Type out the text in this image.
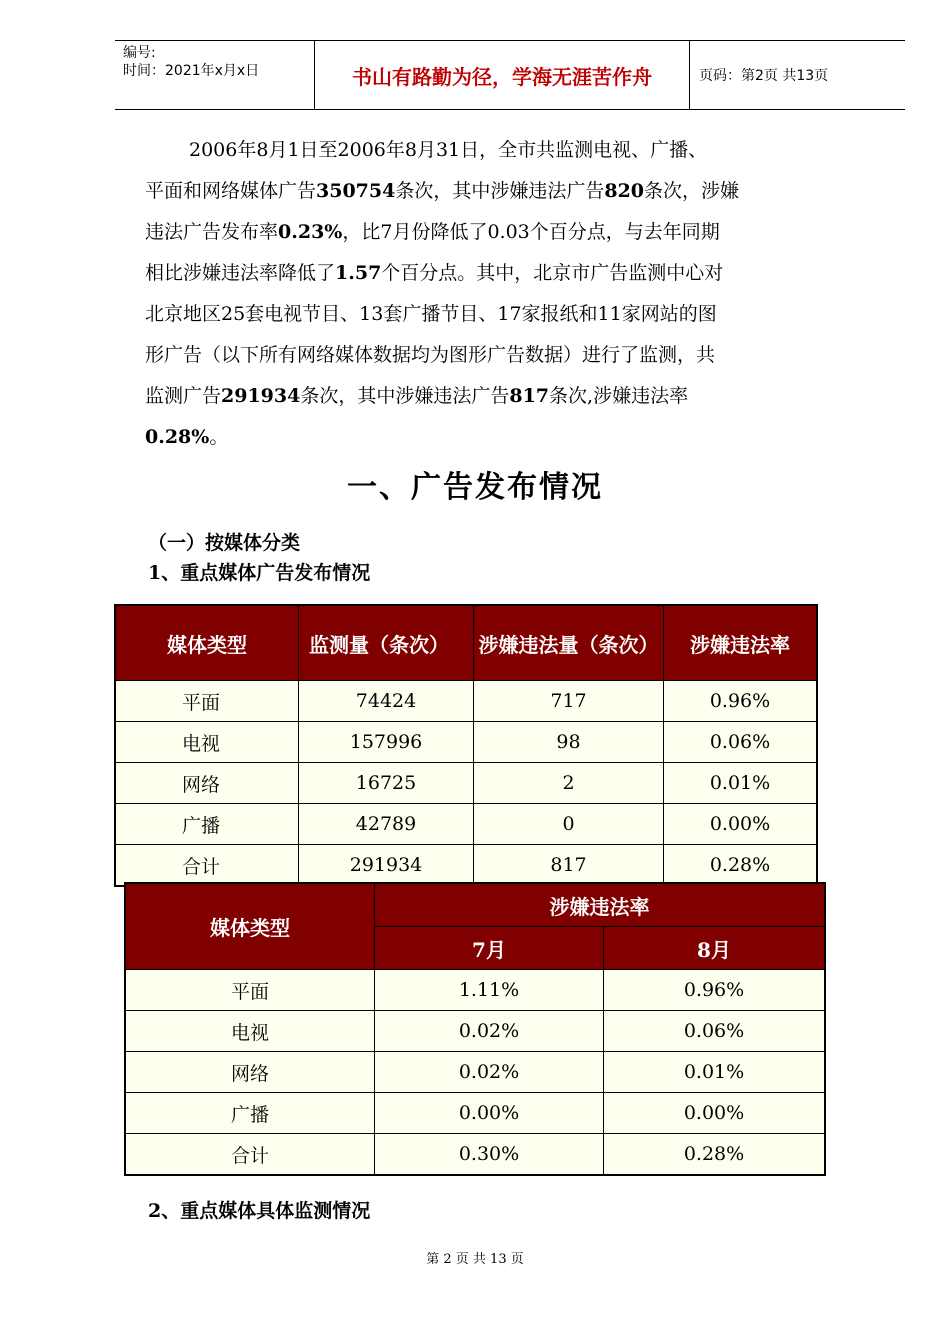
编号:
时间：2021年x月x日	书山有路勤为径，学海无涯苦作舟	页码：第2页 共13页

2006年8月1日至2006年8月31日，全市共监测电视、广播、

平面和网络媒体广告350754条次，其中涉嫌违法广告820条次，涉嫌

违法广告发布率0.23%，比7月份降低了0.03个百分点，与去年同期

相比涉嫌违法率降低了1.57个百分点。其中，北京市广告监测中心对

北京地区25套电视节目、13套广播节目、17家报纸和11家网站的图

形广告（以下所有网络媒体数据均为图形广告数据）进行了监测，共

监测广告291934条次，其中涉嫌违法广告817条次,涉嫌违法率

0.28%。

一、广告发布情况
（一）按媒体分类
1、重点媒体广告发布情况
媒体类型	监测量（条次）	涉嫌违法量（条次）	涉嫌违法率
平面	74424	717	0.96%
电视	157996	98	0.06%
网络	16725	2	0.01%
广播	42789	0	0.00%
合计	291934	817	0.28%
媒体类型	涉嫌违法率	
	7月	8月
平面	1.11%	0.96%
电视	0.02%	0.06%
网络	0.02%	0.01%
广播	0.00%	0.00%
合计	0.30%	0.28%
2、重点媒体具体监测情况
第 2 页 共 13 页
